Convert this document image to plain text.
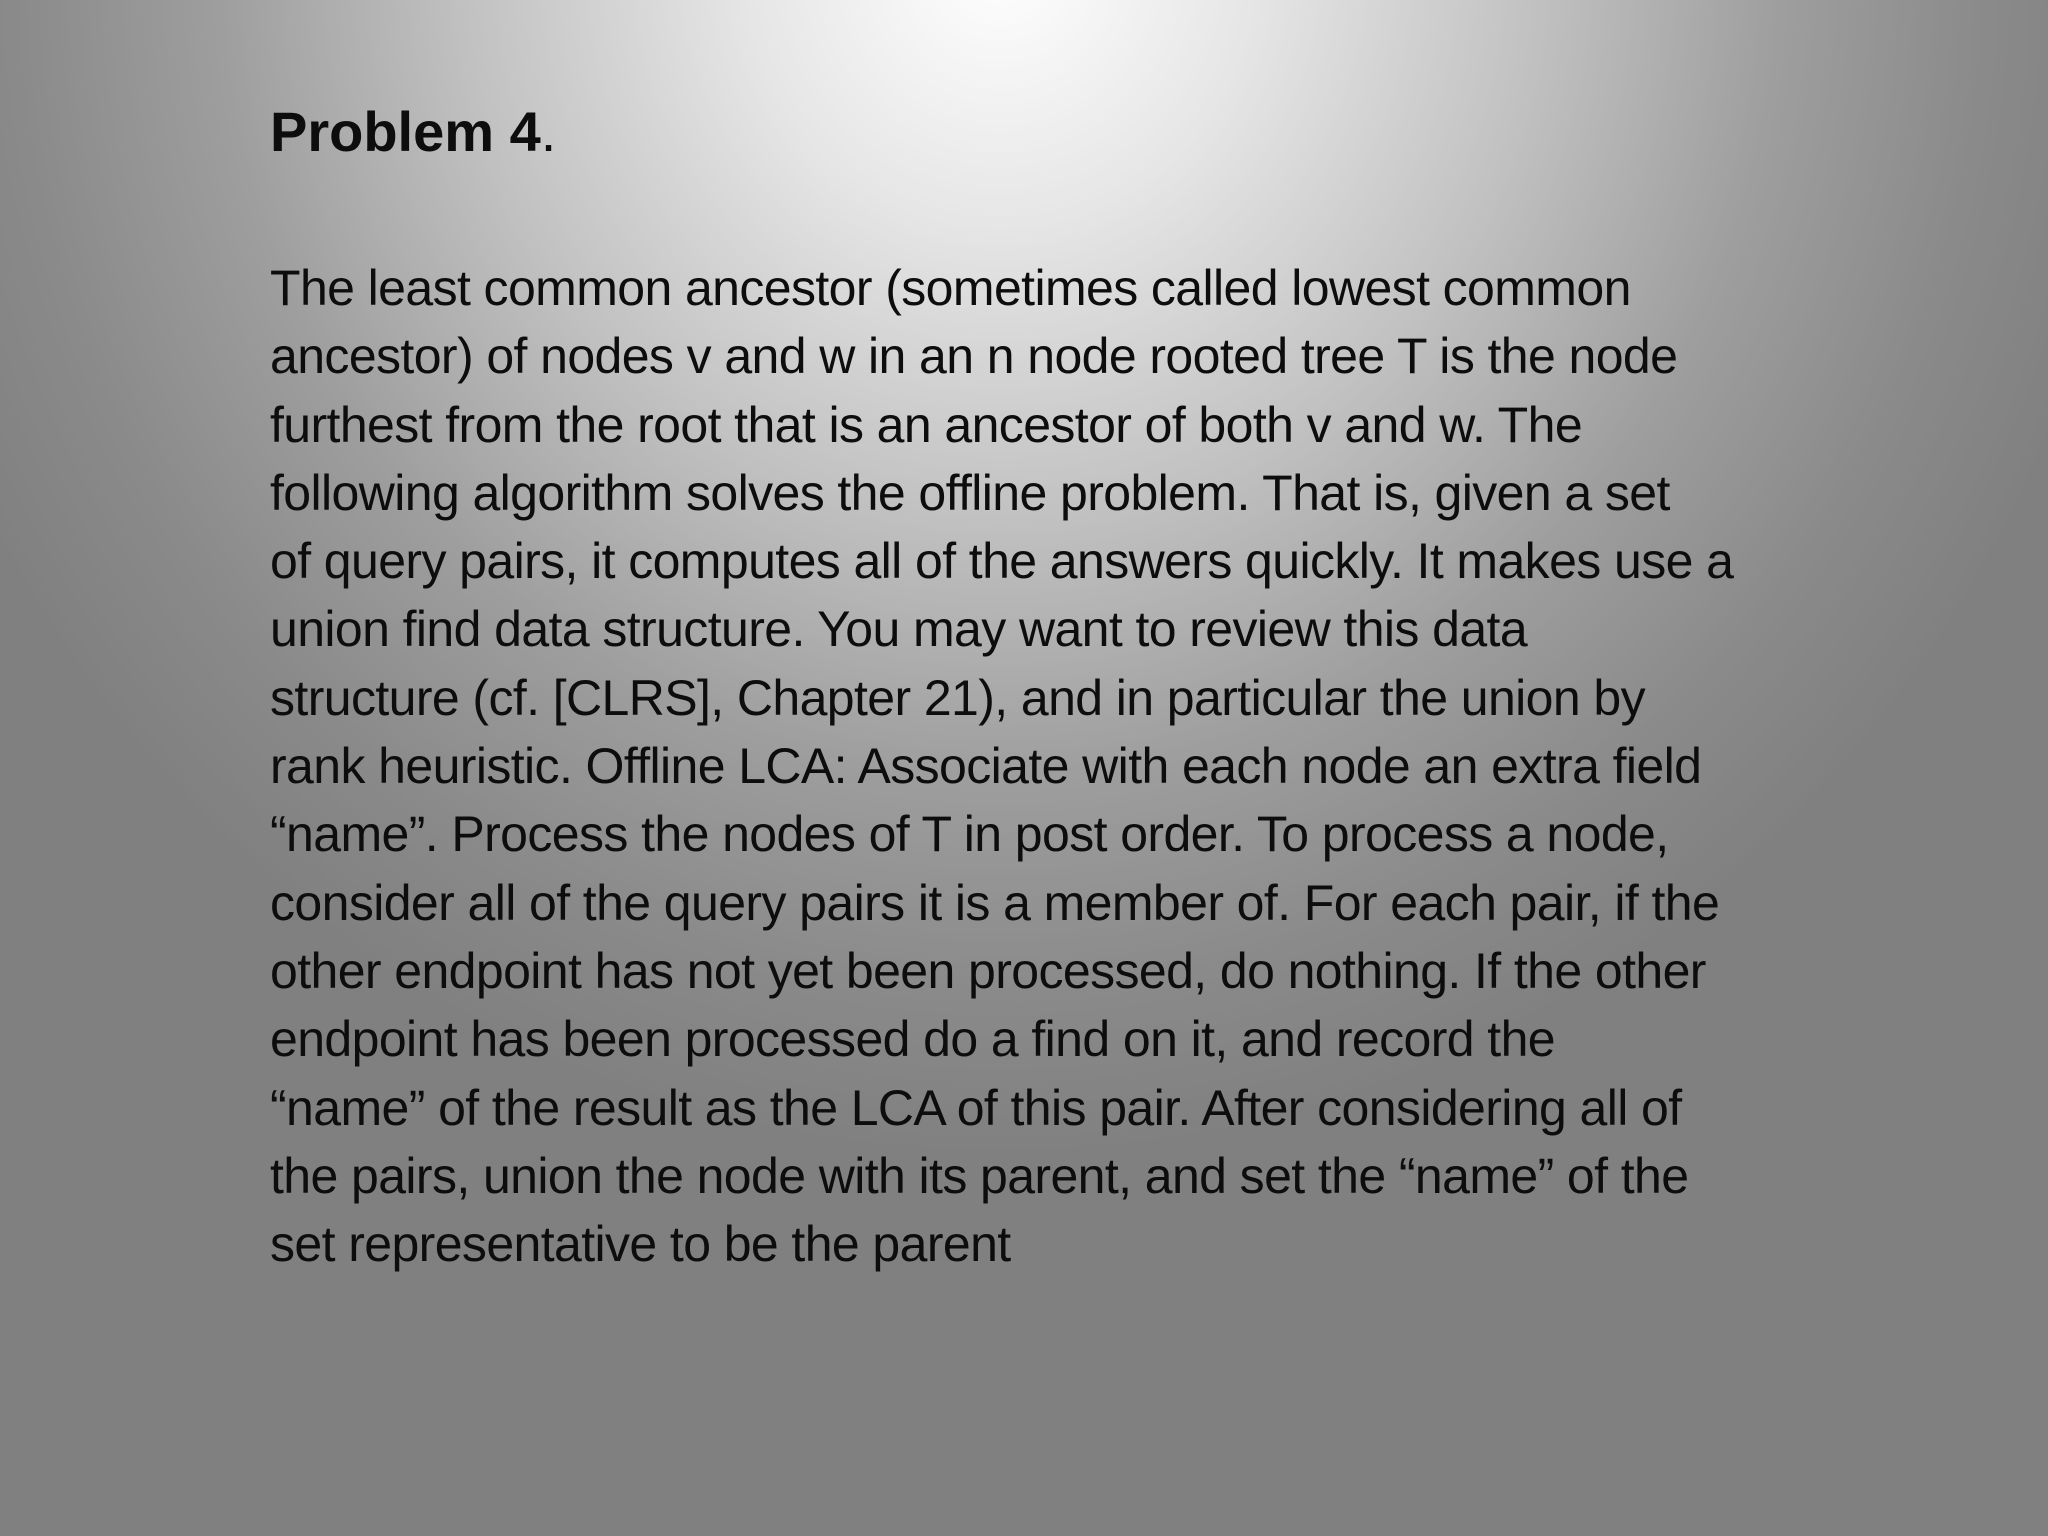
Problem 4.
The least common ancestor (sometimes called lowest common
ancestor) of nodes v and w in an n node rooted tree T is the node
furthest from the root that is an ancestor of both v and w. The
following algorithm solves the offline problem. That is, given a set
of query pairs, it computes all of the answers quickly. It makes use a
union find data structure. You may want to review this data
structure (cf. [CLRS], Chapter 21), and in particular the union by
rank heuristic. Offline LCA: Associate with each node an extra field
“name”. Process the nodes of T in post order. To process a node,
consider all of the query pairs it is a member of. For each pair, if the
other endpoint has not yet been processed, do nothing. If the other
endpoint has been processed do a find on it, and record the
“name” of the result as the LCA of this pair. After considering all of
the pairs, union the node with its parent, and set the “name” of the
set representative to be the parent
